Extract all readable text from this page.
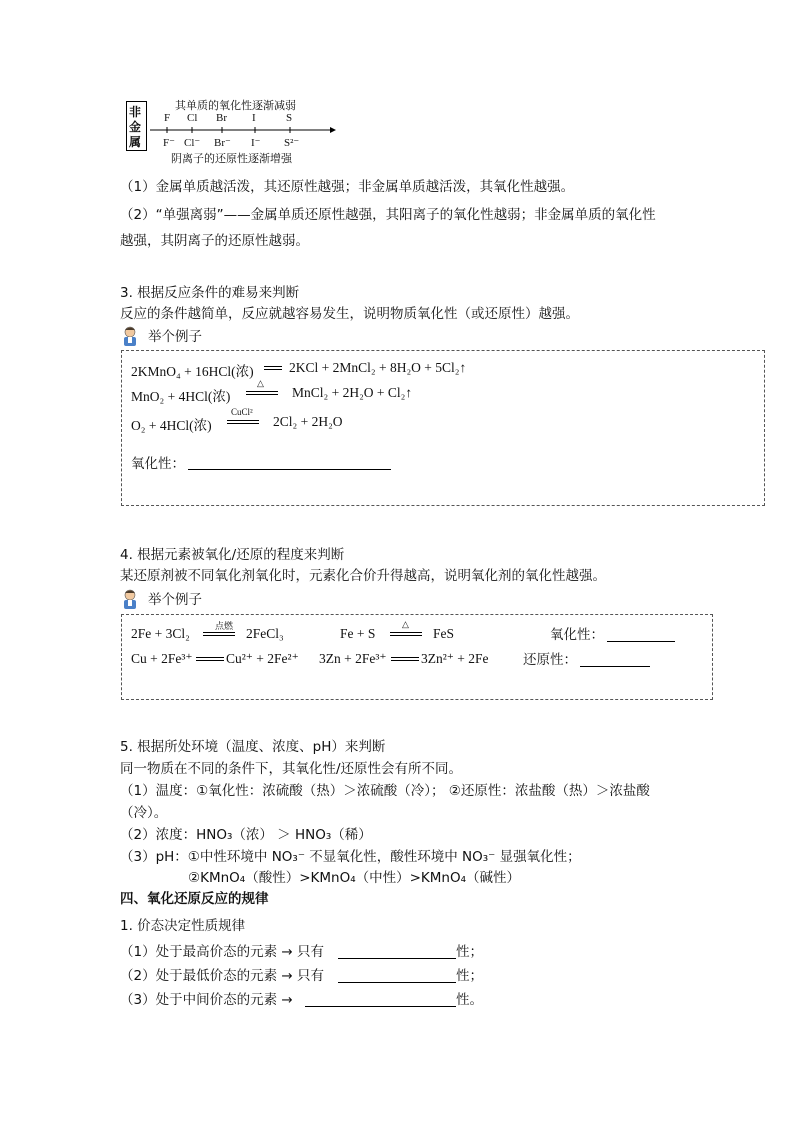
非
金
属
其单质的氧化性逐渐减弱
F Cl Br I	S
F⁻ Cl⁻ Br⁻ I⁻ S²⁻
阴离子的还原性逐渐增强
（1）金属单质越活泼，其还原性越强；非金属单质越活泼，其氧化性越强。
（2）“单强离弱”——金属单质还原性越强，其阳离子的氧化性越弱；非金属单质的氧化性
越强，其阴离子的还原性越弱。
3. 根据反应条件的难易来判断
反应的条件越简单，反应就越容易发生，说明物质氧化性（或还原性）越强。
举个例子
2KMnO₄ + 16HCl(浓)	2KCl + 2MnCl₂ + 8H₂O + 5Cl₂↑
MnO₂ + 4HCl(浓)
△
MnCl₂ + 2H₂O + Cl₂↑
O₂ + 4HCl(浓)
CuCl²
2Cl₂ + 2H₂O
氧化性：
4. 根据元素被氧化/还原的程度来判断
某还原剂被不同氧化剂氧化时，元素化合价升得越高，说明氧化剂的氧化性越强。
举个例子
2Fe + 3Cl₂	点燃 2FeCl₃	Fe + S
△
FeS	氧化性：
Cu + 2Fe³⁺ Cu²⁺ + 2Fe²⁺ 3Zn + 2Fe³⁺	3Zn²⁺ + 2Fe	还原性：
5. 根据所处环境（温度、浓度、pH）来判断
同一物质在不同的条件下，其氧化性/还原性会有所不同。
（1）温度：①氧化性：浓硫酸（热）＞浓硫酸（冷）； ②还原性：浓盐酸（热）＞浓盐酸
（冷）。
（2）浓度：HNO₃（浓） ＞ HNO₃（稀）
（3）pH：①中性环境中 NO₃⁻ 不显氧化性，酸性环境中 NO₃⁻ 显强氧化性；
②KMnO₄（酸性）>KMnO₄（中性）>KMnO₄（碱性）
四、氧化还原反应的规律
1. 价态决定性质规律
（1）处于最高价态的元素 → 只有	性；
（2）处于最低价态的元素 → 只有	性；
（3）处于中间价态的元素 →	性。
